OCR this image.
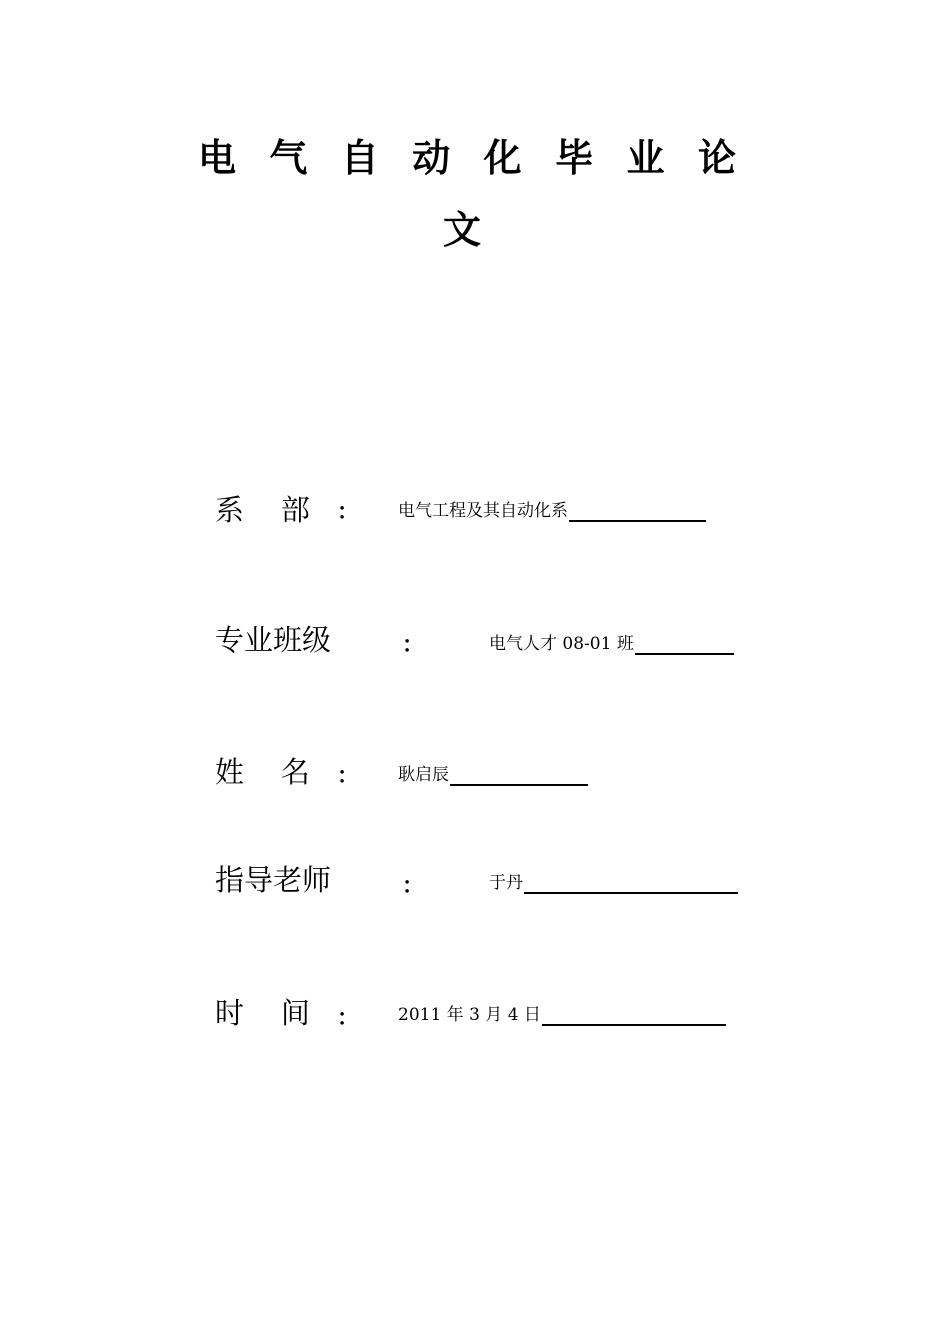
电 气 自 动 化 毕 业 论
文
系    部 ： 电气工程及其自动化系
专业班级	：	电气人才 08-01 班
姓    名 ： 耿启辰
指导老师	：	于丹
时    间 ： 2011 年 3 月 4 日
